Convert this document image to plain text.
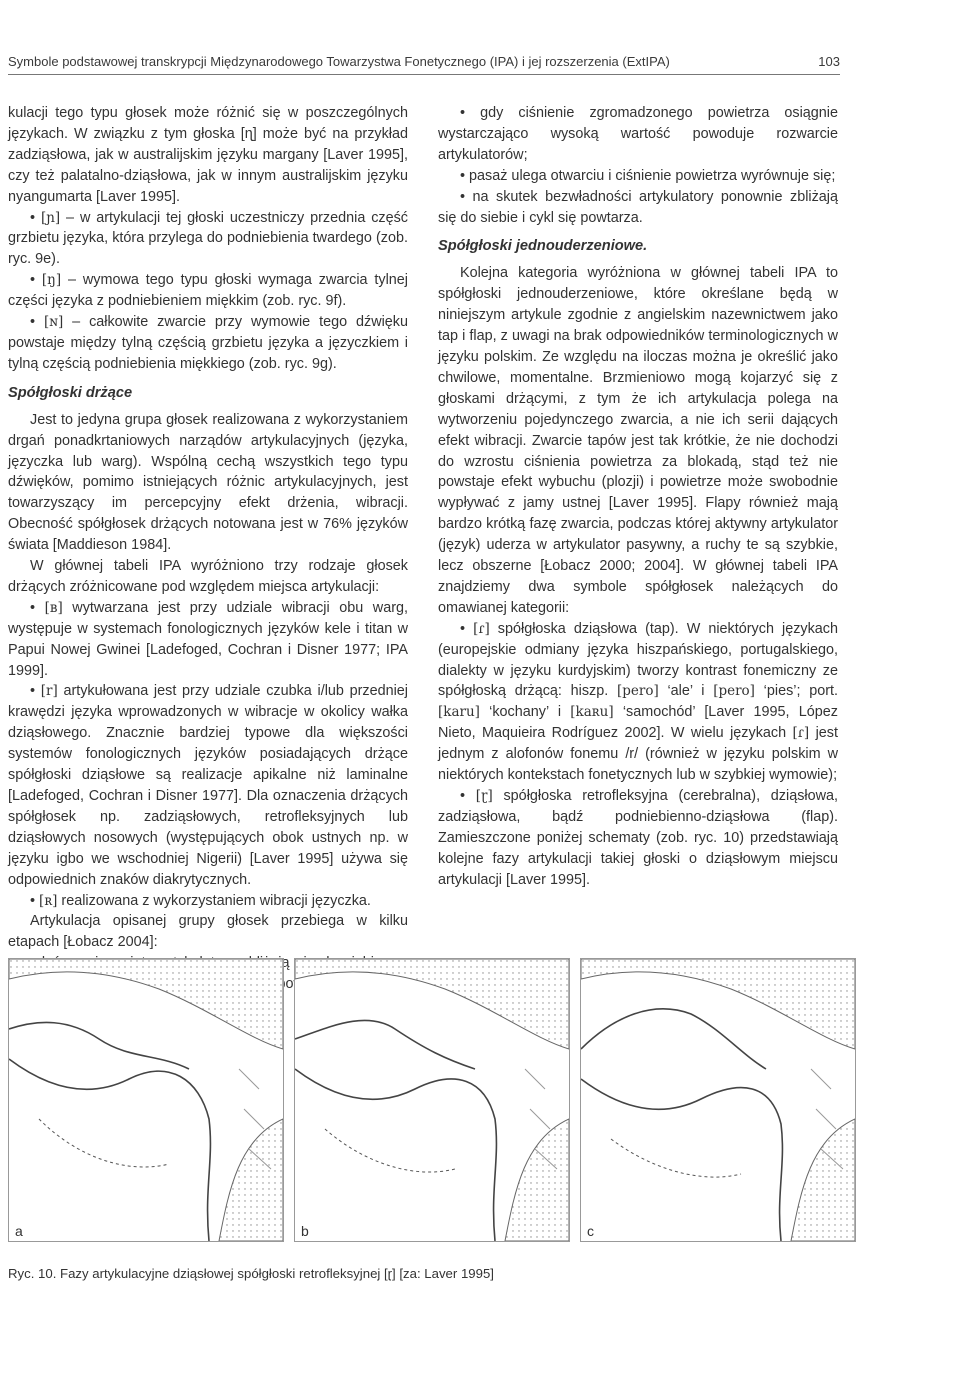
Symbole podstawowej transkrypcji Międzynarodowego Towarzystwa Fonetycznego (IPA) i jej rozszerzenia (ExtIPA)	103

kulacji tego typu głosek może różnić się w poszczególnych językach. W związku z tym głoska [ɳ] może być na przykład zadziąsłowa, jak w australijskim języku margany [Laver 1995], czy też palatalno-dziąsłowa, jak w innym australijskim języku nyangumarta [Laver 1995].

• [ɲ] – w artykulacji tej głoski uczestniczy przednia część grzbietu języka, która przylega do podniebienia twardego (zob. ryc. 9e).

• [ŋ] – wymowa tego typu głoski wymaga zwarcia tylnej części języka z podniebieniem miękkim (zob. ryc. 9f).

• [ɴ] – całkowite zwarcie przy wymowie tego dźwięku powstaje między tylną częścią grzbietu języka a języczkiem i tylną częścią podniebienia miękkiego (zob. ryc. 9g).

Spółgłoski drżące

Jest to jedyna grupa głosek realizowana z wykorzystaniem drgań ponadkrtaniowych narządów artykulacyjnych (języka, języczka lub warg). Wspólną cechą wszystkich tego typu dźwięków, pomimo istniejących różnic artykulacyjnych, jest towarzyszący im percepcyjny efekt drżenia, wibracji. Obecność spółgłosek drżących notowana jest w 76% języków świata [Maddieson 1984].

W głównej tabeli IPA wyróżniono trzy rodzaje głosek drżących zróżnicowane pod względem miejsca artykulacji:

• [ʙ] wytwarzana jest przy udziale wibracji obu warg, występuje w systemach fonologicznych języków kele i titan w Papui Nowej Gwinei [Ladefoged, Cochran i Disner 1977; IPA 1999].

• [r] artykułowana jest przy udziale czubka i/lub przedniej krawędzi języka wprowadzonych w wibracje w okolicy wałka dziąsłowego. Znacznie bardziej typowe dla większości systemów fonologicznych języków posiadających drżące spółgłoski dziąsłowe są realizacje apikalne niż laminalne [Ladefoged, Cochran i Disner 1977]. Dla oznaczenia drżących spółgłosek np. zadziąsłowych, retrofleksyjnych lub dziąsłowych nosowych (występujących obok ustnych np. w języku igbo we wschodniej Nigerii) [Laver 1995] używa się odpowiednich znaków diakrytycznych.

• [ʀ] realizowana z wykorzystaniem wibracji języczka.

Artykulacja opisanej grupy głosek przebiega w kilku etapach [Łobacz 2004]:

• gdy ciśnienie zgromadzonego powietrza osiągnie wystarczająco wysoką wartość powoduje rozwarcie artykulatorów;

• pasaż ulega otwarciu i ciśnienie powietrza wyrównuje się;

• na skutek bezwładności artykulatory ponownie zbliżają się do siebie i cykl się powtarza.

Spółgłoski jednouderzeniowe.

Kolejna kategoria wyróżniona w głównej tabeli IPA to spółgłoski jednouderzeniowe, które określane będą w niniejszym artykule zgodnie z angielskim nazewnictwem jako tap i flap, z uwagi na brak odpowiedników terminologicznych w języku polskim. Ze względu na iloczas można je określić jako chwilowe, momentalne. Brzmieniowo mogą kojarzyć się z głoskami drżącymi, z tym że ich artykulacja polega na wytworzeniu pojedynczego zwarcia, a nie ich serii dających efekt wibracji. Zwarcie tapów jest tak krótkie, że nie dochodzi do wzrostu ciśnienia powietrza za blokadą, stąd też nie powstaje efekt wybuchu (plozji) i powietrze może swobodnie wypływać z jamy ustnej [Laver 1995]. Flapy również mają bardzo krótką fazę zwarcia, podczas której aktywny artykulator (język) uderza w artykulator pasywny, a ruchy te są szybkie, lecz obszerne [Łobacz 2000; 2004]. W głównej tabeli IPA znajdziemy dwa symbole spółgłosek należących do omawianej kategorii:

• [ɾ] spółgłoska dziąsłowa (tap). W niektórych językach (europejskie odmiany języka hiszpańskiego, portugalskiego, dialekty w języku kurdyjskim) tworzy kontrast fonemiczny ze spółgłoską drżącą: hiszp. [pero] ‘ale’ i [pero] ‘pies’; port. [karu] ‘kochany’ i [kaʀu] ‘samochód’ [Laver 1995, López Nieto, Maquieira Rodríguez 2002]. W wielu językach [ɾ] jest jednym z alofonów fonemu /r/ (również w języku polskim w niektórych kontekstach fonetycznych lub w szybkiej wymowie);

• [ɽ] spółgłoska retrofleksyjna (cerebralna), dziąsłowa, zadziąsłowa, bądź podniebienno-dziąsłowa (flap). Zamieszczone poniżej schematy (zob. ryc. 10) przedstawiają kolejne fazy artykulacji takiej głoski o dziąsłowym miejscu artykulacji [Laver 1995].

a	b	c
Ryc. 10. Fazy artykulacyjne dziąsłowej spółgłoski retrofleksyjnej [ɽ] [za: Laver 1995]
